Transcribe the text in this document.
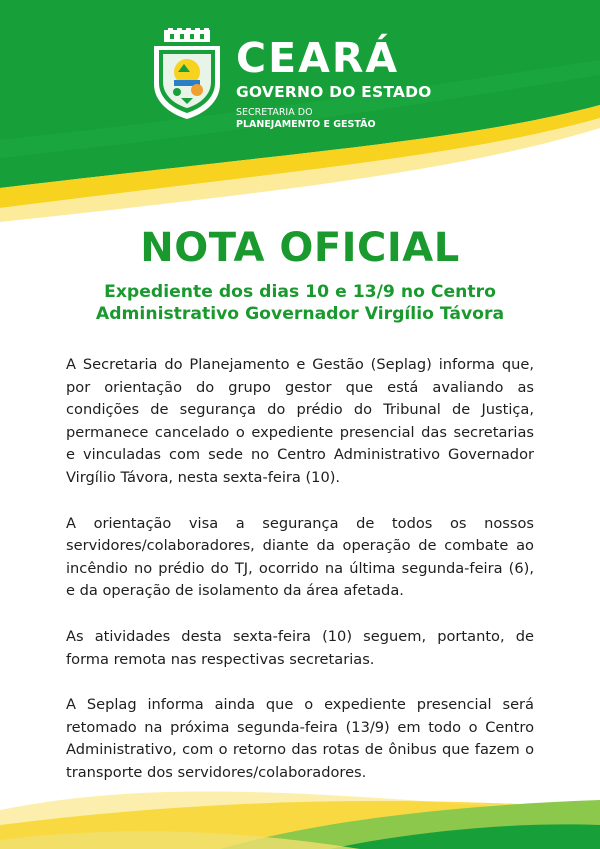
CEARÁ
GOVERNO DO ESTADO
SECRETARIA DO
PLANEJAMENTO E GESTÃO
NOTA OFICIAL
Expediente dos dias 10 e 13/9 no Centro
Administrativo Governador Virgílio Távora

A Secretaria do Planejamento e Gestão (Seplag) informa que, por orientação do grupo gestor que está avaliando as condições de segurança do prédio do Tribunal de Justiça, permanece cancelado o expediente presencial das secretarias e vinculadas com sede no Centro Administrativo Governador Virgílio Távora, nesta sexta-feira (10).

A orientação visa a segurança de todos os nossos servidores/colaboradores, diante da operação de combate ao incêndio no prédio do TJ, ocorrido na última segunda-feira (6), e da operação de isolamento da área afetada.

As atividades desta sexta-feira (10) seguem, portanto, de forma remota nas respectivas secretarias.

A Seplag informa ainda que o expediente presencial será retomado na próxima segunda-feira (13/9) em todo o Centro Administrativo, com o retorno das rotas de ônibus que fazem o transporte dos servidores/colaboradores.
